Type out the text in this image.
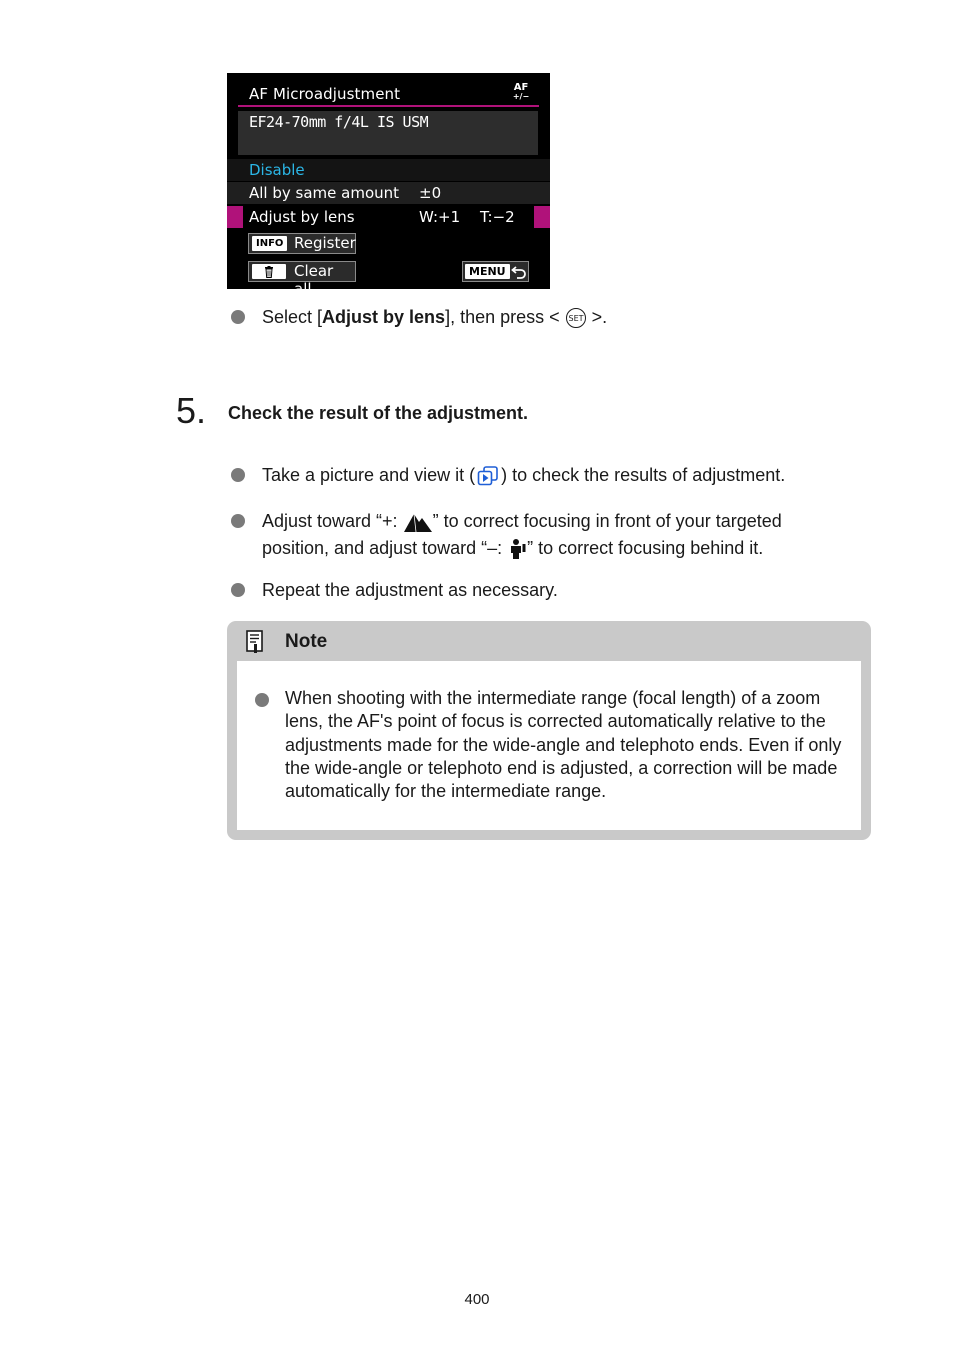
AF Microadjustment	AF
+/−
EF24-70mm f/4L IS USM
Disable
All by same amount ±0
Adjust by lens	W:+1 T:−2
INFO Register
Clear all
MENU
Select [Adjust by lens], then press < SET >.
5. Check the result of the adjustment.
Take a picture and view it ( ) to check the results of adjustment.
Adjust toward “+: ” to correct focusing in front of your targeted
position, and adjust toward “–: ” to correct focusing behind it.
Repeat the adjustment as necessary.
Note
When shooting with the intermediate range (focal length) of a zoom lens, the AF's point of focus is corrected automatically relative to the adjustments made for the wide-angle and telephoto ends. Even if only the wide-angle or telephoto end is adjusted, a correction will be made automatically for the intermediate range.
400
